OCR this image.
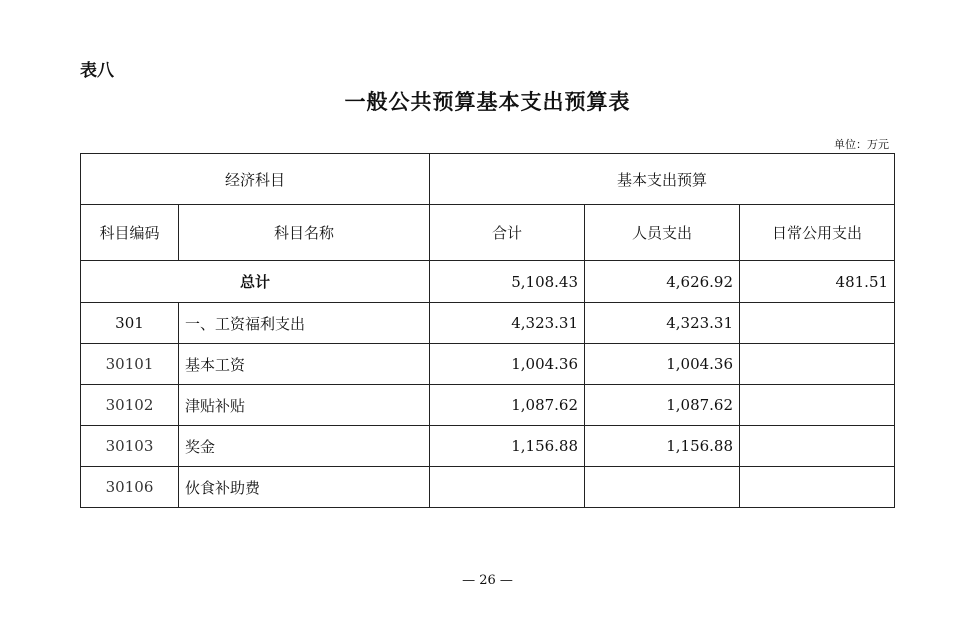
表八
一般公共预算基本支出预算表
单位：万元
经济科目		基本支出预算		
科目编码	科目名称	合计	人员支出	日常公用支出
总计		5,108.43	4,626.92	481.51
301	一、工资福利支出	4,323.31	4,323.31	
30101	基本工资	1,004.36	1,004.36	
30102	津贴补贴	1,087.62	1,087.62	
30103	奖金	1,156.88	1,156.88	
30106	伙食补助费			
— 26 —
